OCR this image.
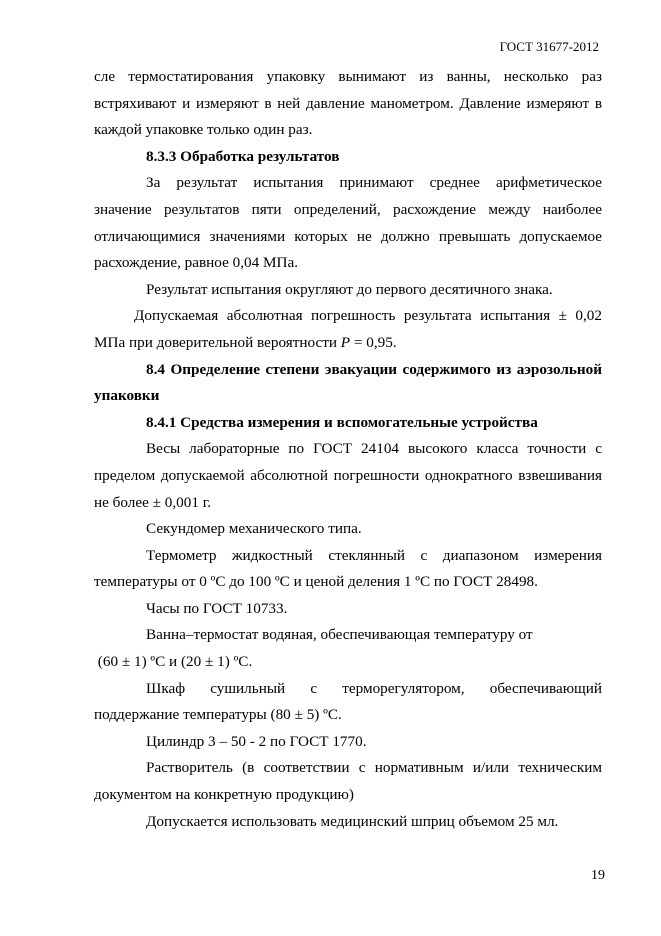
ГОСТ 31677-2012

сле термостатирования упаковку вынимают из ванны, несколько раз встряхивают и измеряют в ней давление манометром. Давление измеряют в каждой упаковке только один раз.

8.3.3 Обработка результатов

За результат испытания принимают среднее арифметическое значение результатов пяти определений, расхождение между наиболее отличающимися значениями которых не должно превышать допускаемое расхождение, равное 0,04 МПа.

Результат испытания округляют до первого десятичного знака.

Допускаемая абсолютная погрешность результата испытания ± 0,02 МПа при доверительной вероятности P = 0,95.

8.4 Определение степени эвакуации содержимого из аэрозольной упаковки

8.4.1 Средства измерения и вспомогательные устройства

Весы лабораторные по ГОСТ 24104 высокого класса точности с пределом допускаемой абсолютной погрешности однократного взвешивания не более ± 0,001 г.

Секундомер механического типа.

Термометр жидкостный стеклянный с диапазоном измерения температуры от 0 ºС до 100 ºС и ценой деления 1 ºС по ГОСТ 28498.

Часы по ГОСТ 10733.

Ванна–термостат водяная, обеспечивающая температуру от

(60 ± 1) ºС и (20 ± 1) ºС.

Шкаф сушильный с терморегулятором, обеспечивающий поддержание температуры (80 ± 5) ºС.

Цилиндр 3 – 50 - 2 по ГОСТ 1770.

Растворитель (в соответствии с нормативным и/или техническим документом на конкретную продукцию)

Допускается использовать медицинский шприц объемом 25 мл.

19
